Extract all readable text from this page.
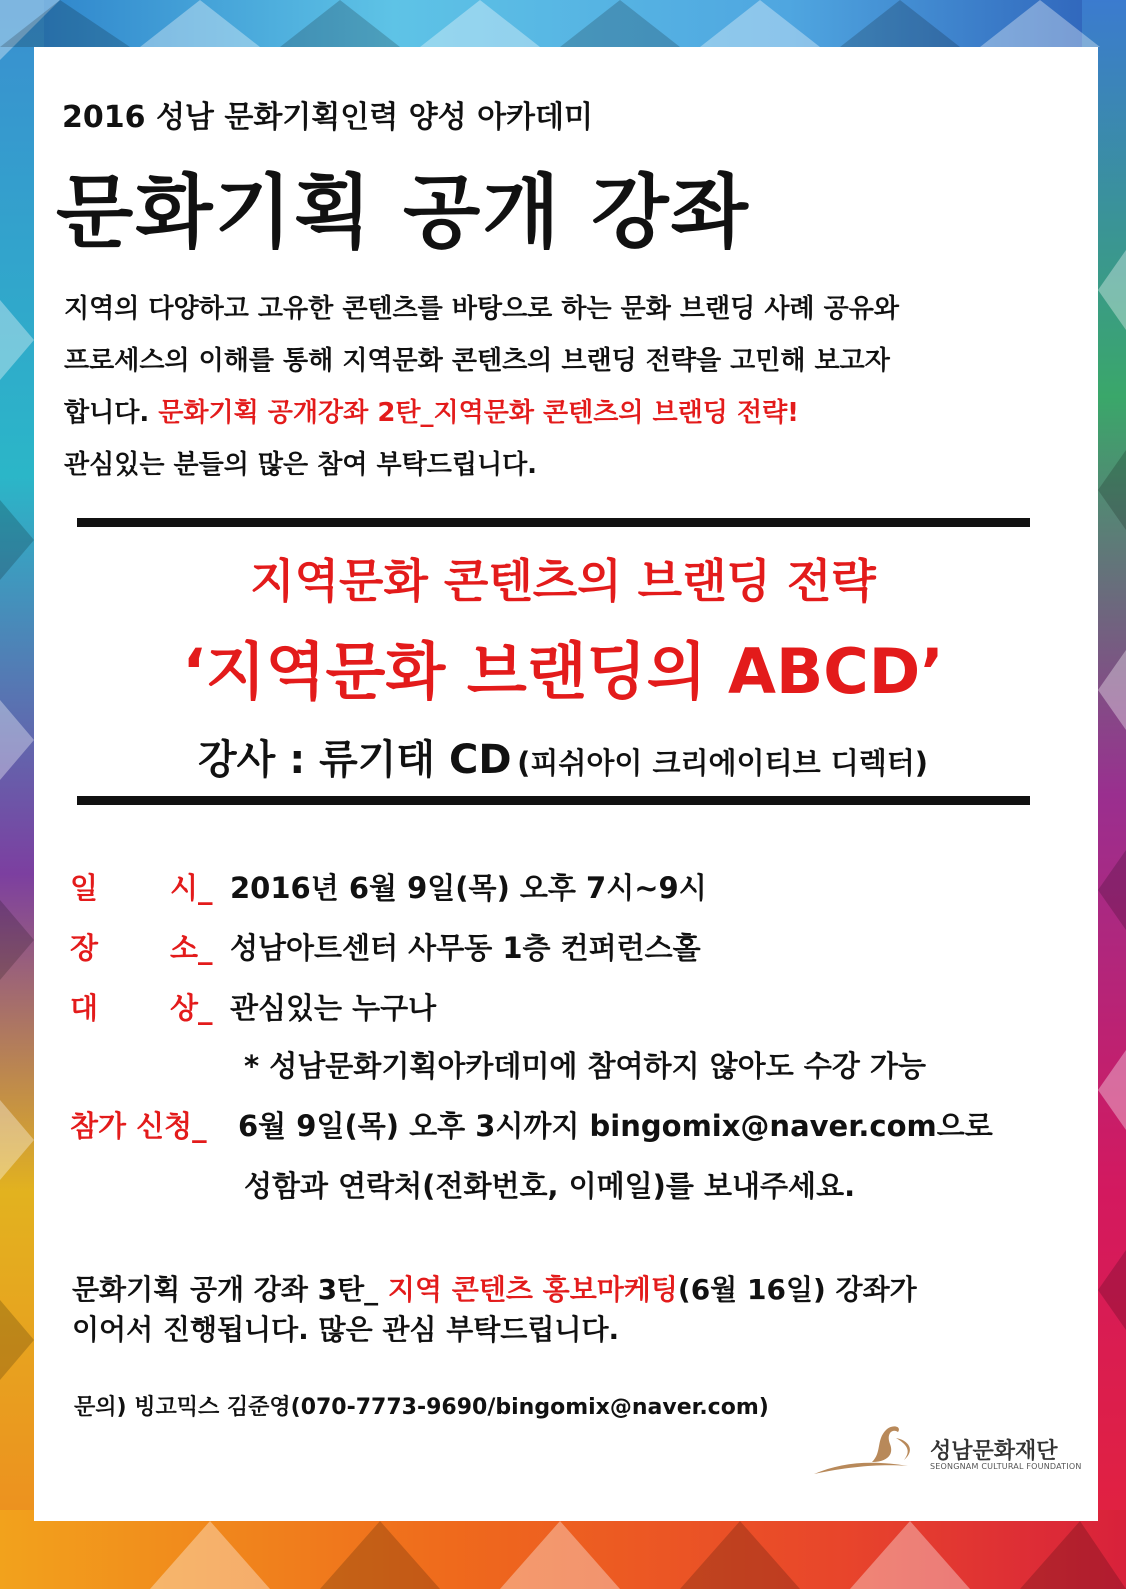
2016 성남 문화기획인력 양성 아카데미
문화기획 공개 강좌
지역의 다양하고 고유한 콘텐츠를 바탕으로 하는 문화 브랜딩 사례 공유와
프로세스의 이해를 통해 지역문화 콘텐츠의 브랜딩 전략을 고민해 보고자
합니다. 문화기획 공개강좌 2탄_지역문화 콘텐츠의 브랜딩 전략!
관심있는 분들의 많은 참여 부탁드립니다.
지역문화 콘텐츠의 브랜딩 전략
‘지역문화 브랜딩의 ABCD’
강사 : 류기태 CD (피쉬아이 크리에이티브 디렉터)
일 시_ 2016년 6월 9일(목) 오후 7시~9시
장 소_ 성남아트센터 사무동 1층 컨퍼런스홀
대 상_ 관심있는 누구나
* 성남문화기획아카데미에 참여하지 않아도 수강 가능
참가 신청_ 6월 9일(목) 오후 3시까지 bingomix@naver.com으로
성함과 연락처(전화번호, 이메일)를 보내주세요.
문화기획 공개 강좌 3탄_ 지역 콘텐츠 홍보마케팅(6월 16일) 강좌가
이어서 진행됩니다. 많은 관심 부탁드립니다.
문의) 빙고믹스 김준영(070-7773-9690/bingomix@naver.com)
성남문화재단
SEONGNAM CULTURAL FOUNDATION
